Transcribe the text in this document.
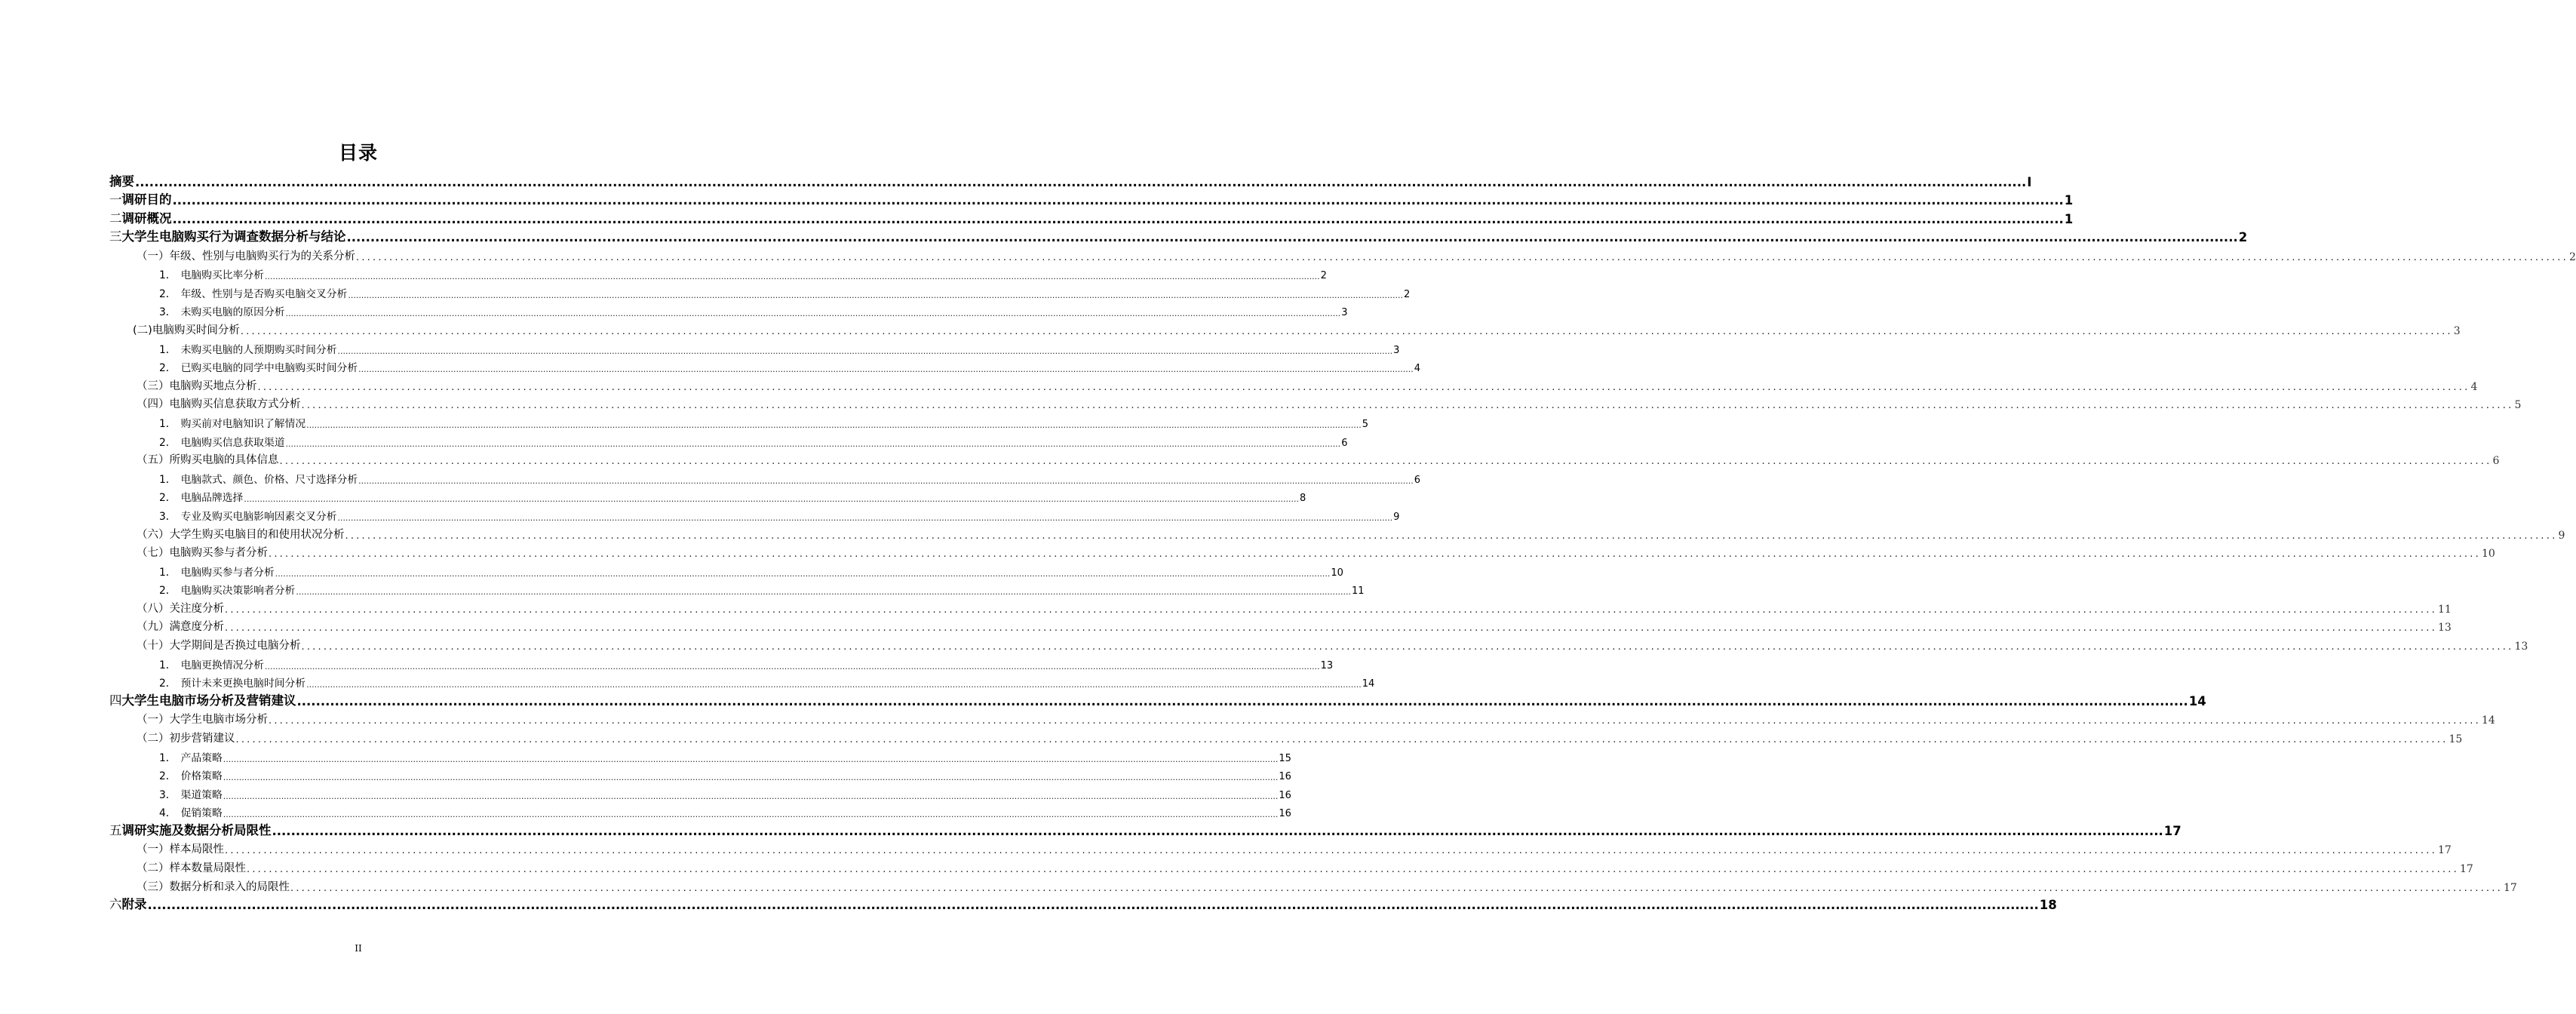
目录
摘要 ................................................................................................................................................................................................................................................................................................................................................................................................................ I
一 调研目的 ................................................................................................................................................................................................................................................................................................................................................................................................................ 1
二 调研概况 ................................................................................................................................................................................................................................................................................................................................................................................................................ 1
三 大学生电脑购买行为调查数据分析与结论 ................................................................................................................................................................................................................................................................................................................................................................................................................ 2
（一）年级、性别与电脑购买行为的关系分析 ................................................................................................................................................................................................................................................................................................................................................................................................................ 2
1． 电脑购买比率分析 ................................................................................................................................................................................................................................................................................................................................................................................................................ 2
2． 年级、性别与是否购买电脑交叉分析 ................................................................................................................................................................................................................................................................................................................................................................................................................ 2
3． 未购买电脑的原因分析 ................................................................................................................................................................................................................................................................................................................................................................................................................ 3
(二)电脑购买时间分析 ................................................................................................................................................................................................................................................................................................................................................................................................................ 3
1． 未购买电脑的人预期购买时间分析 ................................................................................................................................................................................................................................................................................................................................................................................................................ 3
2． 已购买电脑的同学中电脑购买时间分析 ................................................................................................................................................................................................................................................................................................................................................................................................................ 4
（三）电脑购买地点分析 ................................................................................................................................................................................................................................................................................................................................................................................................................ 4
（四）电脑购买信息获取方式分析 ................................................................................................................................................................................................................................................................................................................................................................................................................ 5
1． 购买前对电脑知识了解情况 ................................................................................................................................................................................................................................................................................................................................................................................................................ 5
2． 电脑购买信息获取渠道 ................................................................................................................................................................................................................................................................................................................................................................................................................ 6
（五）所购买电脑的具体信息 ................................................................................................................................................................................................................................................................................................................................................................................................................ 6
1． 电脑款式、颜色、价格、尺寸选择分析 ................................................................................................................................................................................................................................................................................................................................................................................................................ 6
2． 电脑品牌选择 ................................................................................................................................................................................................................................................................................................................................................................................................................ 8
3． 专业及购买电脑影响因素交叉分析 ................................................................................................................................................................................................................................................................................................................................................................................................................ 9
（六）大学生购买电脑目的和使用状况分析 ................................................................................................................................................................................................................................................................................................................................................................................................................ 9
（七）电脑购买参与者分析 ................................................................................................................................................................................................................................................................................................................................................................................................................ 10
1． 电脑购买参与者分析 ................................................................................................................................................................................................................................................................................................................................................................................................................ 10
2． 电脑购买决策影响者分析 ................................................................................................................................................................................................................................................................................................................................................................................................................ 11
（八）关注度分析 ................................................................................................................................................................................................................................................................................................................................................................................................................ 11
（九）满意度分析 ................................................................................................................................................................................................................................................................................................................................................................................................................ 13
（十）大学期间是否换过电脑分析 ................................................................................................................................................................................................................................................................................................................................................................................................................ 13
1． 电脑更换情况分析 ................................................................................................................................................................................................................................................................................................................................................................................................................ 13
2． 预计未来更换电脑时间分析 ................................................................................................................................................................................................................................................................................................................................................................................................................ 14
四 大学生电脑市场分析及营销建议 ................................................................................................................................................................................................................................................................................................................................................................................................................ 14
（一）大学生电脑市场分析 ................................................................................................................................................................................................................................................................................................................................................................................................................ 14
（二）初步营销建议 ................................................................................................................................................................................................................................................................................................................................................................................................................ 15
1． 产品策略 ................................................................................................................................................................................................................................................................................................................................................................................................................ 15
2． 价格策略 ................................................................................................................................................................................................................................................................................................................................................................................................................ 16
3． 渠道策略 ................................................................................................................................................................................................................................................................................................................................................................................................................ 16
4． 促销策略 ................................................................................................................................................................................................................................................................................................................................................................................................................ 16
五 调研实施及数据分析局限性 ................................................................................................................................................................................................................................................................................................................................................................................................................ 17
（一）样本局限性 ................................................................................................................................................................................................................................................................................................................................................................................................................ 17
（二）样本数量局限性 ................................................................................................................................................................................................................................................................................................................................................................................................................ 17
（三）数据分析和录入的局限性 ................................................................................................................................................................................................................................................................................................................................................................................................................ 17
六 附录 ................................................................................................................................................................................................................................................................................................................................................................................................................ 18
II
